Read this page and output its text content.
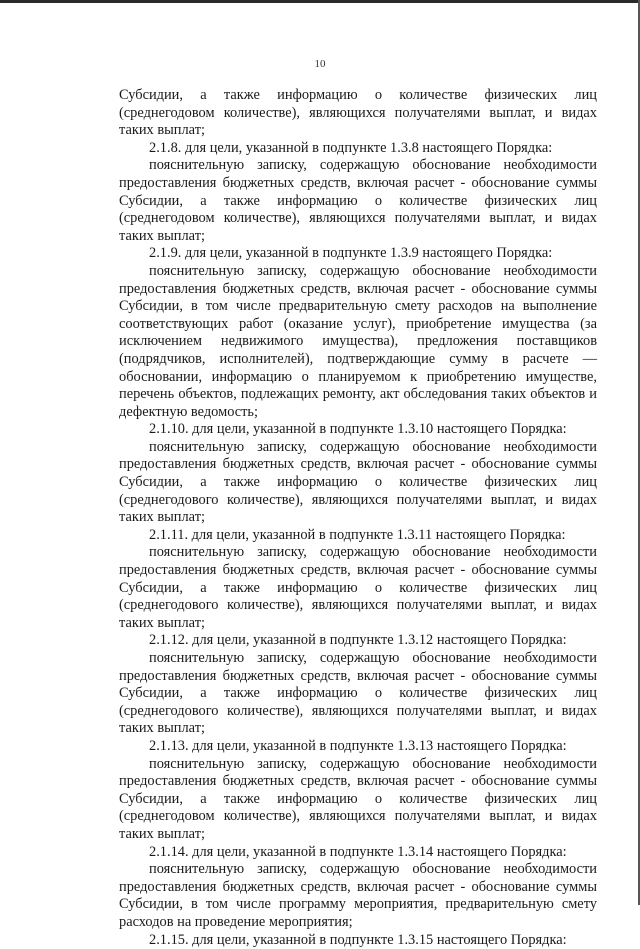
10

Субсидии, а также информацию о количестве физических лиц (среднегодовом количестве), являющихся получателями выплат, и видах таких выплат;

2.1.8. для цели, указанной в подпункте 1.3.8 настоящего Порядка:

пояснительную записку, содержащую обоснование необходимости предоставления бюджетных средств, включая расчет - обоснование суммы Субсидии, а также информацию о количестве физических лиц (среднегодовом количестве), являющихся получателями выплат, и видах таких выплат;

2.1.9. для цели, указанной в подпункте 1.3.9 настоящего Порядка:

пояснительную записку, содержащую обоснование необходимости предоставления бюджетных средств, включая расчет - обоснование суммы Субсидии, в том числе предварительную смету расходов на выполнение соответствующих работ (оказание услуг), приобретение имущества (за исключением недвижимого имущества), предложения поставщиков (подрядчиков, исполнителей), подтверждающие сумму в расчете — обосновании, информацию о планируемом к приобретению имуществе, перечень объектов, подлежащих ремонту, акт обследования таких объектов и дефектную ведомость;

2.1.10. для цели, указанной в подпункте 1.3.10 настоящего Порядка:

пояснительную записку, содержащую обоснование необходимости предоставления бюджетных средств, включая расчет - обоснование суммы Субсидии, а также информацию о количестве физических лиц (среднегодового количестве), являющихся получателями выплат, и видах таких выплат;

2.1.11. для цели, указанной в подпункте 1.3.11 настоящего Порядка:

пояснительную записку, содержащую обоснование необходимости предоставления бюджетных средств, включая расчет - обоснование суммы Субсидии, а также информацию о количестве физических лиц (среднегодового количестве), являющихся получателями выплат, и видах таких выплат;

2.1.12. для цели, указанной в подпункте 1.3.12 настоящего Порядка:

пояснительную записку, содержащую обоснование необходимости предоставления бюджетных средств, включая расчет - обоснование суммы Субсидии, а также информацию о количестве физических лиц (среднегодового количестве), являющихся получателями выплат, и видах таких выплат;

2.1.13. для цели, указанной в подпункте 1.3.13 настоящего Порядка:

пояснительную записку, содержащую обоснование необходимости предоставления бюджетных средств, включая расчет - обоснование суммы Субсидии, а также информацию о количестве физических лиц (среднегодовом количестве), являющихся получателями выплат, и видах таких выплат;

2.1.14. для цели, указанной в подпункте 1.3.14 настоящего Порядка:

пояснительную записку, содержащую обоснование необходимости предоставления бюджетных средств, включая расчет - обоснование суммы Субсидии, в том числе программу мероприятия, предварительную смету расходов на проведение мероприятия;

2.1.15. для цели, указанной в подпункте 1.3.15 настоящего Порядка:
